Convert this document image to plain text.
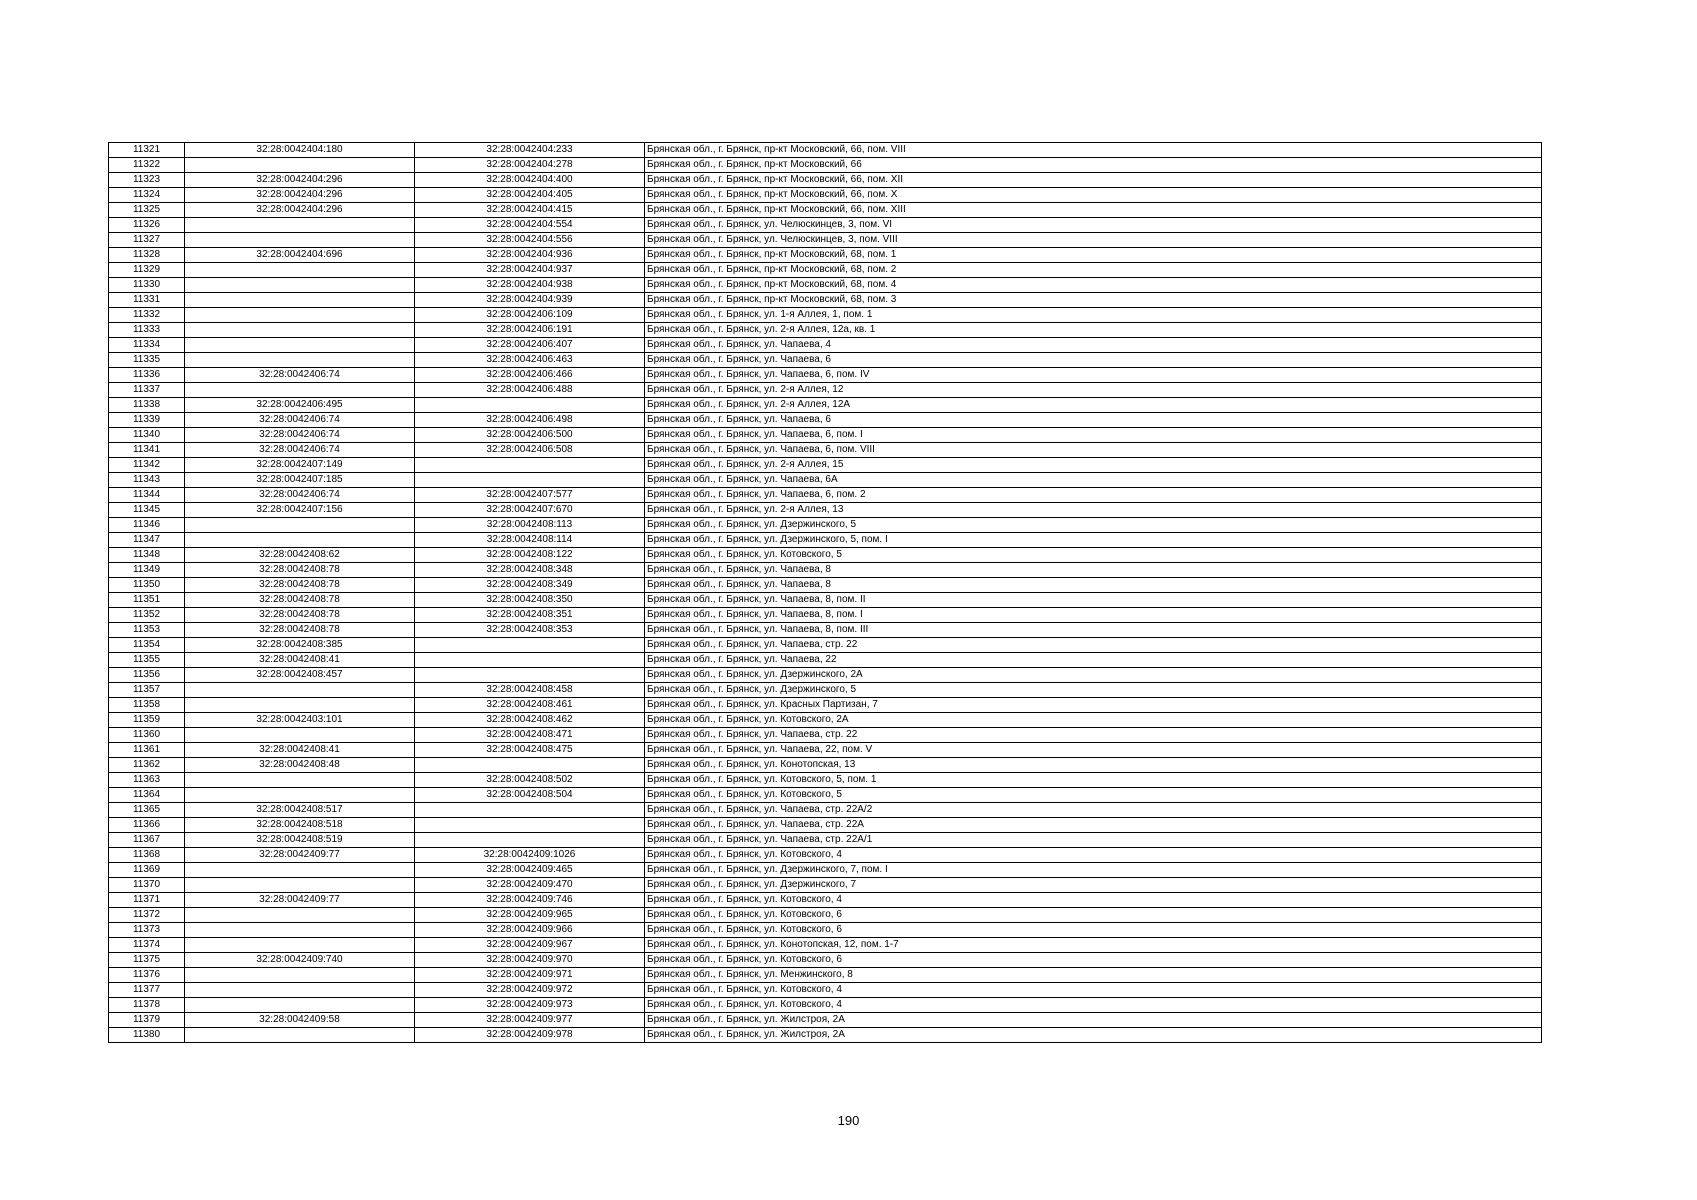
11321	32:28:0042404:180	32:28:0042404:233	Брянская обл., г. Брянск, пр-кт Московский, 66, пом. VIII
11322		32:28:0042404:278	Брянская обл., г. Брянск, пр-кт Московский, 66
11323	32:28:0042404:296	32:28:0042404:400	Брянская обл., г. Брянск, пр-кт Московский, 66, пом. XII
11324	32:28:0042404:296	32:28:0042404:405	Брянская обл., г. Брянск, пр-кт Московский, 66, пом. X
11325	32:28:0042404:296	32:28:0042404:415	Брянская обл., г. Брянск, пр-кт Московский, 66, пом. XIII
11326		32:28:0042404:554	Брянская обл., г. Брянск, ул. Челюскинцев, 3, пом. VI
11327		32:28:0042404:556	Брянская обл., г. Брянск, ул. Челюскинцев, 3, пом. VIII
11328	32:28:0042404:696	32:28:0042404:936	Брянская обл., г. Брянск, пр-кт Московский, 68, пом. 1
11329		32:28:0042404:937	Брянская обл., г. Брянск, пр-кт Московский, 68, пом. 2
11330		32:28:0042404:938	Брянская обл., г. Брянск, пр-кт Московский, 68, пом. 4
11331		32:28:0042404:939	Брянская обл., г. Брянск, пр-кт Московский, 68, пом. 3
11332		32:28:0042406:109	Брянская обл., г. Брянск, ул. 1-я Аллея, 1, пом. 1
11333		32:28:0042406:191	Брянская обл., г. Брянск, ул. 2-я Аллея, 12а, кв. 1
11334		32:28:0042406:407	Брянская обл., г. Брянск, ул. Чапаева, 4
11335		32:28:0042406:463	Брянская обл., г. Брянск, ул. Чапаева, 6
11336	32:28:0042406:74	32:28:0042406:466	Брянская обл., г. Брянск, ул. Чапаева, 6, пом. IV
11337		32:28:0042406:488	Брянская обл., г. Брянск, ул. 2-я Аллея, 12
11338	32:28:0042406:495		Брянская обл., г. Брянск, ул. 2-я Аллея, 12А
11339	32:28:0042406:74	32:28:0042406:498	Брянская обл., г. Брянск, ул. Чапаева, 6
11340	32:28:0042406:74	32:28:0042406:500	Брянская обл., г. Брянск, ул. Чапаева, 6, пом. I
11341	32:28:0042406:74	32:28:0042406:508	Брянская обл., г. Брянск, ул. Чапаева, 6, пом. VIII
11342	32:28:0042407:149		Брянская обл., г. Брянск, ул. 2-я Аллея, 15
11343	32:28:0042407:185		Брянская обл., г. Брянск, ул. Чапаева, 6А
11344	32:28:0042406:74	32:28:0042407:577	Брянская обл., г. Брянск, ул. Чапаева, 6, пом. 2
11345	32:28:0042407:156	32:28:0042407:670	Брянская обл., г. Брянск, ул. 2-я Аллея, 13
11346		32:28:0042408:113	Брянская обл., г. Брянск, ул. Дзержинского, 5
11347		32:28:0042408:114	Брянская обл., г. Брянск, ул. Дзержинского, 5, пом. I
11348	32:28:0042408:62	32:28:0042408:122	Брянская обл., г. Брянск, ул. Котовского, 5
11349	32:28:0042408:78	32:28:0042408:348	Брянская обл., г. Брянск, ул. Чапаева, 8
11350	32:28:0042408:78	32:28:0042408:349	Брянская обл., г. Брянск, ул. Чапаева, 8
11351	32:28:0042408:78	32:28:0042408:350	Брянская обл., г. Брянск, ул. Чапаева, 8, пом. II
11352	32:28:0042408:78	32:28:0042408:351	Брянская обл., г. Брянск, ул. Чапаева, 8, пом. I
11353	32:28:0042408:78	32:28:0042408:353	Брянская обл., г. Брянск, ул. Чапаева, 8, пом. III
11354	32:28:0042408:385		Брянская обл., г. Брянск, ул. Чапаева, стр. 22
11355	32:28:0042408:41		Брянская обл., г. Брянск, ул. Чапаева, 22
11356	32:28:0042408:457		Брянская обл., г. Брянск, ул. Дзержинского, 2А
11357		32:28:0042408:458	Брянская обл., г. Брянск, ул. Дзержинского, 5
11358		32:28:0042408:461	Брянская обл., г. Брянск, ул. Красных Партизан, 7
11359	32:28:0042403:101	32:28:0042408:462	Брянская обл., г. Брянск, ул. Котовского, 2А
11360		32:28:0042408:471	Брянская обл., г. Брянск, ул. Чапаева, стр. 22
11361	32:28:0042408:41	32:28:0042408:475	Брянская обл., г. Брянск, ул. Чапаева, 22, пом. V
11362	32:28:0042408:48		Брянская обл., г. Брянск, ул. Конотопская, 13
11363		32:28:0042408:502	Брянская обл., г. Брянск, ул. Котовского, 5, пом. 1
11364		32:28:0042408:504	Брянская обл., г. Брянск, ул. Котовского, 5
11365	32:28:0042408:517		Брянская обл., г. Брянск, ул. Чапаева, стр. 22А/2
11366	32:28:0042408:518		Брянская обл., г. Брянск, ул. Чапаева, стр. 22А
11367	32:28:0042408:519		Брянская обл., г. Брянск, ул. Чапаева, стр. 22А/1
11368	32:28:0042409:77	32:28:0042409:1026	Брянская обл., г. Брянск, ул. Котовского, 4
11369		32:28:0042409:465	Брянская обл., г. Брянск, ул. Дзержинского, 7, пом. I
11370		32:28:0042409:470	Брянская обл., г. Брянск, ул. Дзержинского, 7
11371	32:28:0042409:77	32:28:0042409:746	Брянская обл., г. Брянск, ул. Котовского, 4
11372		32:28:0042409:965	Брянская обл., г. Брянск, ул. Котовского, 6
11373		32:28:0042409:966	Брянская обл., г. Брянск, ул. Котовского, 6
11374		32:28:0042409:967	Брянская обл., г. Брянск, ул. Конотопская, 12, пом. 1-7
11375	32:28:0042409:740	32:28:0042409:970	Брянская обл., г. Брянск, ул. Котовского, 6
11376		32:28:0042409:971	Брянская обл., г. Брянск, ул. Менжинского, 8
11377		32:28:0042409:972	Брянская обл., г. Брянск, ул. Котовского, 4
11378		32:28:0042409:973	Брянская обл., г. Брянск, ул. Котовского, 4
11379	32:28:0042409:58	32:28:0042409:977	Брянская обл., г. Брянск, ул. Жилстроя, 2А
11380		32:28:0042409:978	Брянская обл., г. Брянск, ул. Жилстроя, 2А
190
